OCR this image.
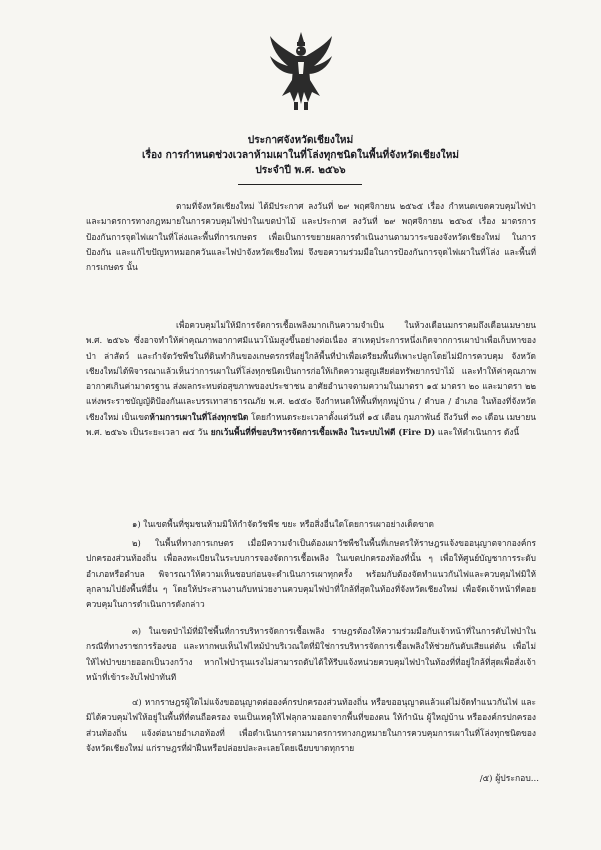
ประกาศจังหวัดเชียงใหม่
เรื่อง การกำหนดช่วงเวลาห้ามเผาในที่โล่งทุกชนิดในพื้นที่จังหวัดเชียงใหม่
ประจำปี พ.ศ. ๒๕๖๖

ตามที่จังหวัดเชียงใหม่ ได้มีประกาศ ลงวันที่ ๒๙ พฤศจิกายน ๒๕๖๕ เรื่อง กำหนดเขตควบคุมไฟป่าและมาตรการทางกฎหมายในการควบคุมไฟป่าในเขตป่าไม้ และประกาศ ลงวันที่ ๒๙ พฤศจิกายน ๒๕๖๕ เรื่อง มาตรการป้องกันการจุดไฟเผาในที่โล่งและพื้นที่การเกษตร เพื่อเป็นการขยายผลการดำเนินงานตามวาระของจังหวัดเชียงใหม่ ในการป้องกัน และแก้ไขปัญหาหมอกควันและไฟป่าจังหวัดเชียงใหม่ จึงขอความร่วมมือในการป้องกันการจุดไฟเผาในที่โล่ง และพื้นที่การเกษตร นั้น

เพื่อควบคุมไม่ให้มีการจัดการเชื้อเพลิงมากเกินความจำเป็น ในห้วงเดือนมกราคมถึงเดือนเมษายน พ.ศ. ๒๕๖๖ ซึ่งอาจทำให้ค่าคุณภาพอากาศมีแนวโน้มสูงขึ้นอย่างต่อเนื่อง สาเหตุประการหนึ่งเกิดจากการเผาป่าเพื่อเก็บหาของป่า ล่าสัตว์ และกำจัดวัชพืชในที่ดินทำกินของเกษตรกรที่อยู่ใกล้พื้นที่ป่าเพื่อเตรียมพื้นที่เพาะปลูกโดยไม่มีการควบคุม จังหวัดเชียงใหม่ได้พิจารณาแล้วเห็นว่าการเผาในที่โล่งทุกชนิดเป็นการก่อให้เกิดความสูญเสียต่อทรัพยากรป่าไม้ และทำให้ค่าคุณภาพอากาศเกินค่ามาตรฐาน ส่งผลกระทบต่อสุขภาพของประชาชน อาศัยอำนาจตามความในมาตรา ๑๕ มาตรา ๒๐ และมาตรา ๒๒ แห่งพระราชบัญญัติป้องกันและบรรเทาสาธารณภัย พ.ศ. ๒๕๕๐ จึงกำหนดให้พื้นที่ทุกหมู่บ้าน / ตำบล / อำเภอ ในท้องที่จังหวัดเชียงใหม่ เป็นเขตห้ามการเผาในที่โล่งทุกชนิด โดยกำหนดระยะเวลาตั้งแต่วันที่ ๑๕ เดือน กุมภาพันธ์ ถึงวันที่ ๓๐ เดือน เมษายน พ.ศ. ๒๕๖๖ เป็นระยะเวลา ๗๕ วัน ยกเว้นพื้นที่ที่ขอบริหารจัดการเชื้อเพลิง ในระบบไฟดี (Fire D) และให้ดำเนินการ ดังนี้

๑) ในเขตพื้นที่ชุมชนห้ามมิให้กำจัดวัชพืช ขยะ หรือสิ่งอื่นใดโดยการเผาอย่างเด็ดขาด

๒) ในพื้นที่ทางการเกษตร เมื่อมีความจำเป็นต้องเผาวัชพืชในพื้นที่เกษตรให้ราษฎรแจ้งขออนุญาตจากองค์กรปกครองส่วนท้องถิ่น เพื่อลงทะเบียนในระบบการจองจัดการเชื้อเพลิง ในเขตปกครองท้องที่นั้น ๆ เพื่อให้ศูนย์บัญชาการระดับอำเภอหรือตำบล พิจารณาให้ความเห็นชอบก่อนจะดำเนินการเผาทุกครั้ง พร้อมกับต้องจัดทำแนวกันไฟและควบคุมไฟมิให้ลุกลามไปยังพื้นที่อื่น ๆ โดยให้ประสานงานกับหน่วยงานควบคุมไฟป่าที่ใกล้ที่สุดในท้องที่จังหวัดเชียงใหม่ เพื่อจัดเจ้าหน้าที่คอยควบคุมในการดำเนินการดังกล่าว

๓) ในเขตป่าไม้ที่มิใช่พื้นที่การบริหารจัดการเชื้อเพลิง ราษฎรต้องให้ความร่วมมือกับเจ้าหน้าที่ในการดับไฟป่าในกรณีที่ทางราชการร้องขอ และหากพบเห็นไฟไหม้ป่าบริเวณใดที่มิใช่การบริหารจัดการเชื้อเพลิงให้ช่วยกันดับเสียแต่ต้น เพื่อไม่ให้ไฟป่าขยายออกเป็นวงกว้าง หากไฟป่ารุนแรงไม่สามารถดับได้ให้รีบแจ้งหน่วยควบคุมไฟป่าในท้องที่ที่อยู่ใกล้ที่สุดเพื่อสั่งเจ้าหน้าที่เข้าระงับไฟป่าทันที

๔) หากราษฎรผู้ใดไม่แจ้งขออนุญาตต่อองค์กรปกครองส่วนท้องถิ่น หรือขออนุญาตแล้วแต่ไม่จัดทำแนวกันไฟ และมิได้ควบคุมไฟให้อยู่ในพื้นที่ที่ตนถือครอง จนเป็นเหตุให้ไฟลุกลามออกจากพื้นที่ของตน ให้กำนัน ผู้ใหญ่บ้าน หรือองค์กรปกครองส่วนท้องถิ่น แจ้งต่อนายอำเภอท้องที่ เพื่อดำเนินการตามมาตรการทางกฎหมายในการควบคุมการเผาในที่โล่งทุกชนิดของจังหวัดเชียงใหม่ แก่ราษฎรที่ฝ่าฝืนหรือปล่อยปละละเลยโดยเฉียบขาดทุกราย

/๕) ผู้ประกอบ...
